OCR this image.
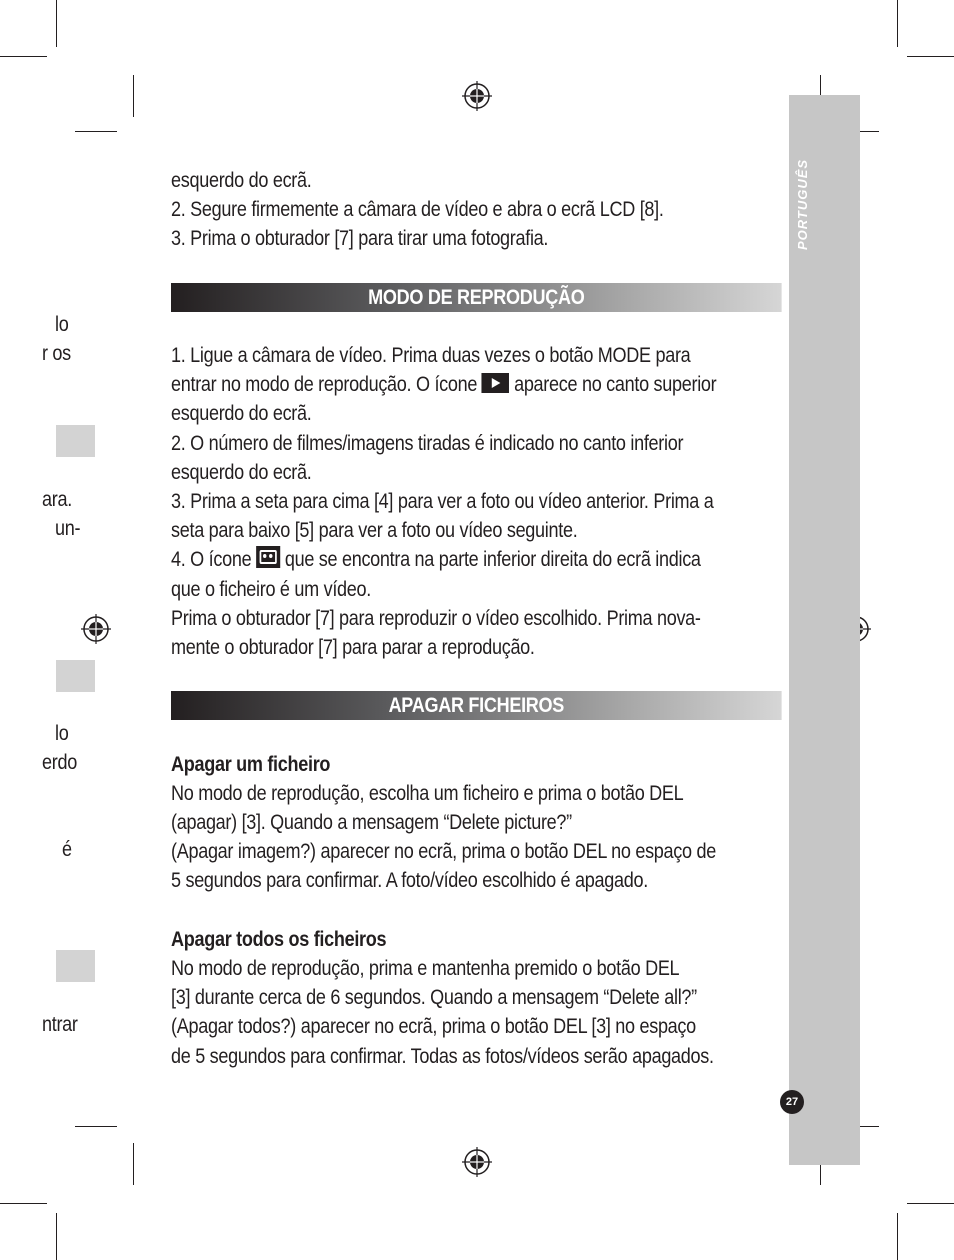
PORTUGUÊS
27
lo
r os
ara.
un-
lo
erdo
é
ntrar

esquerdo do ecrã.

2. Segure firmemente a câmara de vídeo e abra o ecrã LCD [8].

3. Prima o obturador [7] para tirar uma fotografia.

MODO DE REPRODUÇÃO

1. Ligue a câmara de vídeo. Prima duas vezes o botão MODE para

entrar no modo de reprodução. O ícone  aparece no canto superior

esquerdo do ecrã.

2. O número de filmes/imagens tiradas é indicado no canto inferior

esquerdo do ecrã.

3. Prima a seta para cima [4] para ver a foto ou vídeo anterior. Prima a

seta para baixo [5] para ver a foto ou vídeo seguinte.

4. O ícone  que se encontra na parte inferior direita do ecrã indica

que o ficheiro é um vídeo.

Prima o obturador [7] para reproduzir o vídeo escolhido. Prima nova-

mente o obturador [7] para parar a reprodução.

APAGAR FICHEIROS

Apagar um ficheiro

No modo de reprodução, escolha um ficheiro e prima o botão DEL

(apagar) [3]. Quando a mensagem “Delete picture?”

(Apagar imagem?) aparecer no ecrã, prima o botão DEL no espaço de

5 segundos para confirmar. A foto/vídeo escolhido é apagado.

Apagar todos os ficheiros

No modo de reprodução, prima e mantenha premido o botão DEL

[3] durante cerca de 6 segundos. Quando a mensagem “Delete all?”

(Apagar todos?) aparecer no ecrã, prima o botão DEL [3] no espaço

de 5 segundos para confirmar. Todas as fotos/vídeos serão apagados.
